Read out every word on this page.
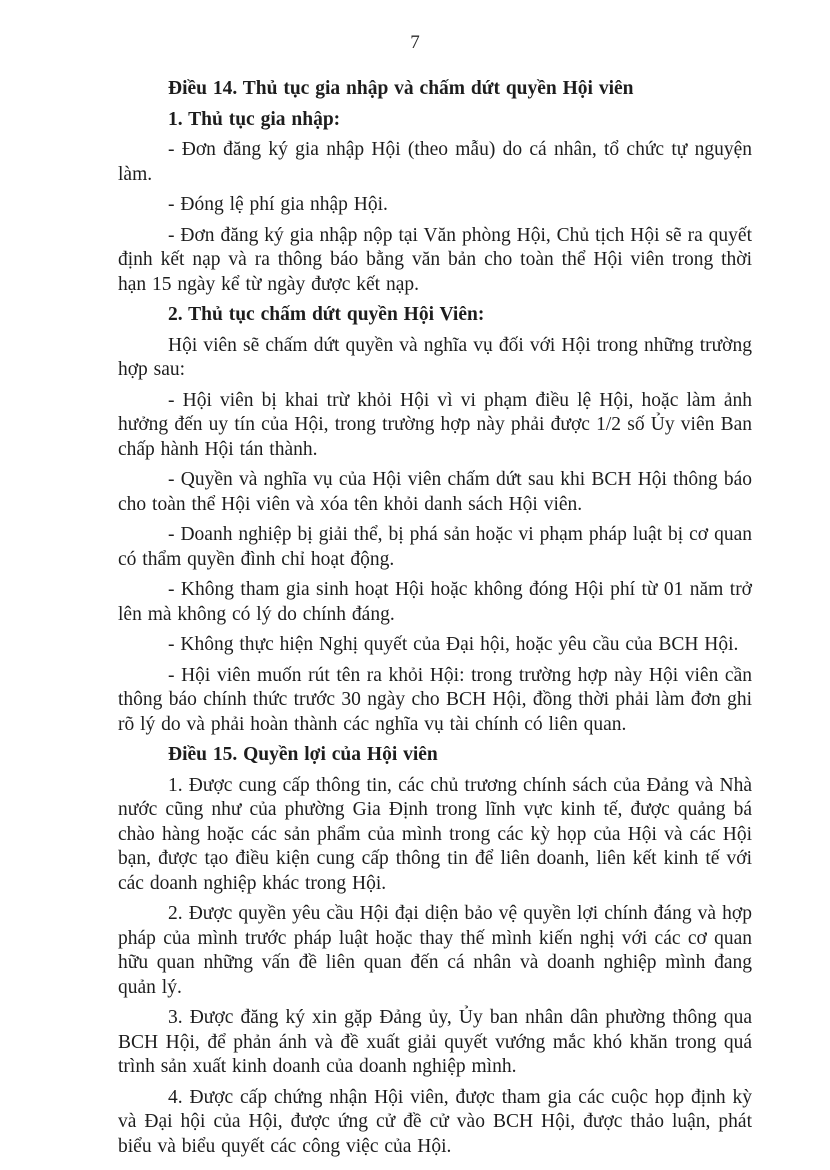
7

Điều 14. Thủ tục gia nhập và chấm dứt quyền Hội viên

1. Thủ tục gia nhập:

- Đơn đăng ký gia nhập Hội (theo mẫu) do cá nhân, tổ chức tự nguyện làm.

- Đóng lệ phí gia nhập Hội.

- Đơn đăng ký gia nhập nộp tại Văn phòng Hội, Chủ tịch Hội sẽ ra quyết định kết nạp và ra thông báo bằng văn bản cho toàn thể Hội viên trong thời hạn 15 ngày kể từ ngày được kết nạp.

2. Thủ tục chấm dứt quyền Hội Viên:

Hội viên sẽ chấm dứt quyền và nghĩa vụ đối với Hội trong những trường hợp sau:

- Hội viên bị khai trừ khỏi Hội vì vi phạm điều lệ Hội, hoặc làm ảnh hưởng đến uy tín của Hội, trong trường hợp này phải được 1/2 số Ủy viên Ban chấp hành Hội tán thành.

- Quyền và nghĩa vụ của Hội viên chấm dứt sau khi BCH Hội thông báo cho toàn thể Hội viên và xóa tên khỏi danh sách Hội viên.

- Doanh nghiệp bị giải thể, bị phá sản hoặc vi phạm pháp luật bị cơ quan có thẩm quyền đình chỉ hoạt động.

- Không tham gia sinh hoạt Hội hoặc không đóng Hội phí từ 01 năm trở lên mà không có lý do chính đáng.

- Không thực hiện Nghị quyết của Đại hội, hoặc yêu cầu của BCH Hội.

- Hội viên muốn rút tên ra khỏi Hội: trong trường hợp này Hội viên cần thông báo chính thức trước 30 ngày cho BCH Hội, đồng thời phải làm đơn ghi rõ lý do và phải hoàn thành các nghĩa vụ tài chính có liên quan.

Điều 15. Quyền lợi của Hội viên

1. Được cung cấp thông tin, các chủ trương chính sách của Đảng và Nhà nước cũng như của phường Gia Định trong lĩnh vực kinh tế, được quảng bá chào hàng hoặc các sản phẩm của mình trong các kỳ họp của Hội và các Hội bạn, được tạo điều kiện cung cấp thông tin để liên doanh, liên kết kinh tế với các doanh nghiệp khác trong Hội.

2. Được quyền yêu cầu Hội đại diện bảo vệ quyền lợi chính đáng và hợp pháp của mình trước pháp luật hoặc thay thế mình kiến nghị với các cơ quan hữu quan những vấn đề liên quan đến cá nhân và doanh nghiệp mình đang quản lý.

3. Được đăng ký xin gặp Đảng ủy, Ủy ban nhân dân phường thông qua BCH Hội, để phản ánh và đề xuất giải quyết vướng mắc khó khăn trong quá trình sản xuất kinh doanh của doanh nghiệp mình.

4. Được cấp chứng nhận Hội viên, được tham gia các cuộc họp định kỳ và Đại hội của Hội, được ứng cử đề cử vào BCH Hội, được thảo luận, phát biểu và biểu quyết các công việc của Hội.
